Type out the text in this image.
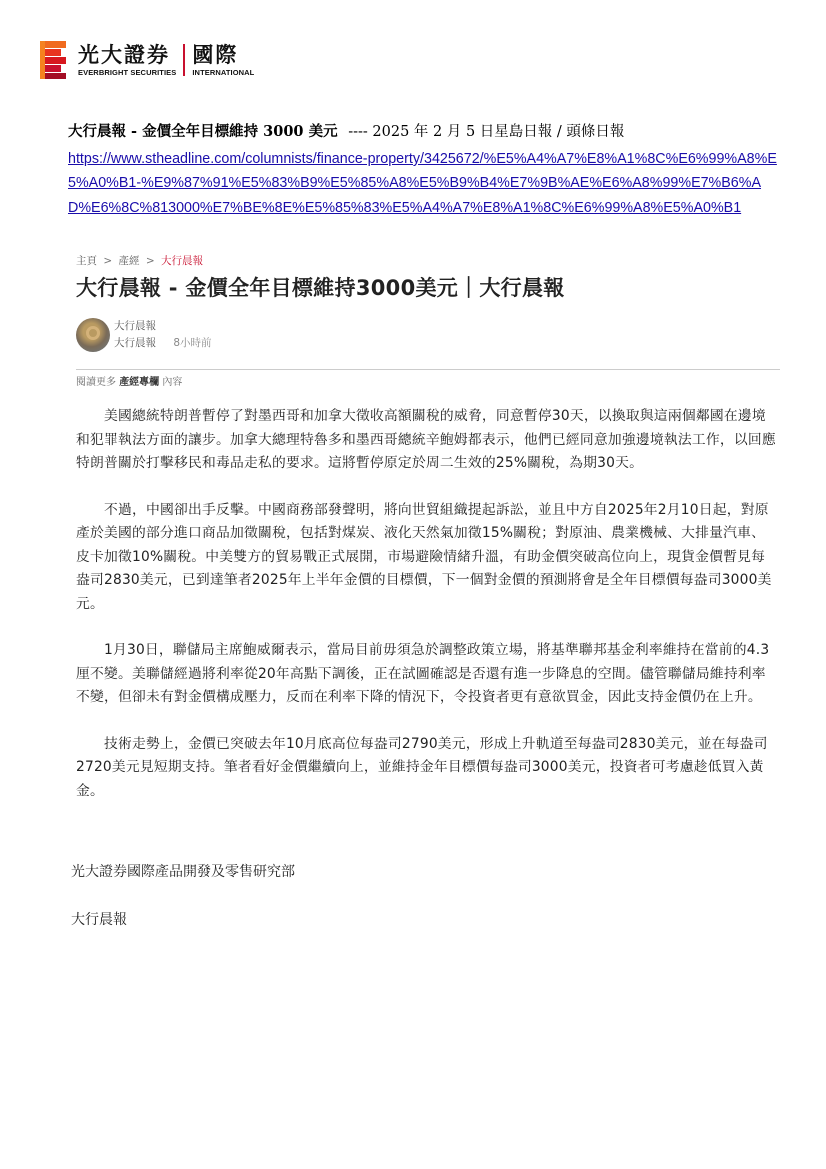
光大證券
EVERBRIGHT SECURITIES
國際
INTERNATIONAL
大行晨報 - 金價全年目標維持 3000 美元 ---- 2025 年 2 月 5 日星島日報 / 頭條日報
https://www.stheadline.com/columnists/finance-property/3425672/%E5%A4%A7%E8%A1%8C%E6%99%A8%E5%A0%B1-%E9%87%91%E5%83%B9%E5%85%A8%E5%B9%B4%E7%9B%AE%E6%A8%99%E7%B6%AD%E6%8C%813000%E7%BE%8E%E5%85%83%E5%A4%A7%E8%A1%8C%E6%99%A8%E5%A0%B1
主頁 > 產經 > 大行晨報
大行晨報 - 金價全年目標維持3000美元｜大行晨報
大行晨報
大行晨報 8小時前
閱讀更多 產經專欄 內容

美國總統特朗普暫停了對墨西哥和加拿大徵收高額關稅的威脅，同意暫停30天，以換取與這兩個鄰國在邊境和犯罪執法方面的讓步。加拿大總理特魯多和墨西哥總統辛鮑姆都表示，他們已經同意加強邊境執法工作，以回應特朗普關於打擊移民和毒品走私的要求。這將暫停原定於周二生效的25%關稅，為期30天。

不過，中國卻出手反擊。中國商務部發聲明，將向世貿組織提起訴訟，並且中方自2025年2月10日起，對原產於美國的部分進口商品加徵關稅，包括對煤炭、液化天然氣加徵15%關稅；對原油、農業機械、大排量汽車、皮卡加徵10%關稅。中美雙方的貿易戰正式展開，市場避險情緒升溫，有助金價突破高位向上，現貨金價暫見每盎司2830美元，已到達筆者2025年上半年金價的目標價，下一個對金價的預測將會是全年目標價每盎司3000美元。

1月30日，聯儲局主席鮑威爾表示，當局目前毋須急於調整政策立場，將基準聯邦基金利率維持在當前的4.3厘不變。美聯儲經過將利率從20年高點下調後，正在試圖確認是否還有進一步降息的空間。儘管聯儲局維持利率不變，但卻未有對金價構成壓力，反而在利率下降的情況下，令投資者更有意欲買金，因此支持金價仍在上升。

技術走勢上，金價已突破去年10月底高位每盎司2790美元，形成上升軌道至每盎司2830美元，並在每盎司2720美元見短期支持。筆者看好金價繼續向上，並維持金年目標價每盎司3000美元，投資者可考慮趁低買入黃金。

光大證券國際產品開發及零售研究部
大行晨報
